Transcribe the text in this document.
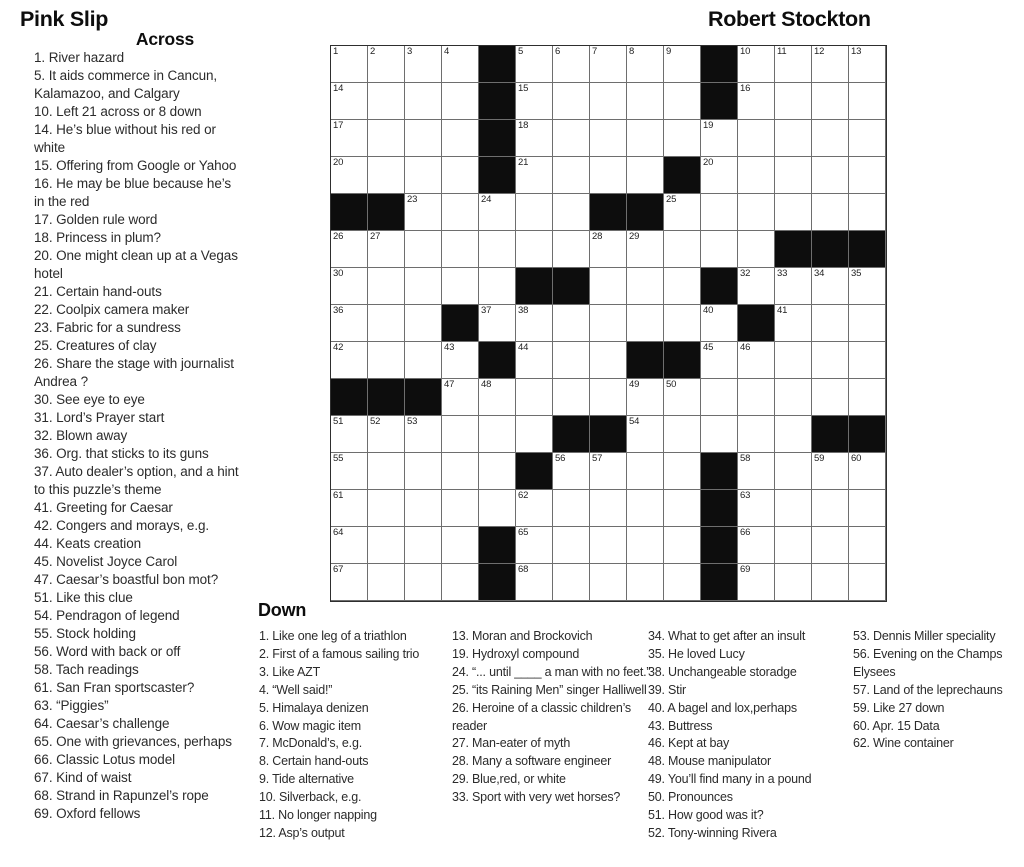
Pink Slip	Robert Stockton
Across
1. River hazard
5. It aids commerce in Cancun, Kalamazoo, and Calgary
10. Left 21 across or 8 down
14. He’s blue without his red or white
15. Offering from Google or Yahoo
16. He may be blue because he’s in the red
17. Golden rule word
18. Princess in plum?
20. One might clean up at a Vegas hotel
21. Certain hand-outs
22. Coolpix camera maker
23. Fabric for a sundress
25. Creatures of clay
26. Share the stage with journalist Andrea ?
30. See eye to eye
31. Lord’s Prayer start
32. Blown away
36. Org. that sticks to its guns
37. Auto dealer’s option, and a hint to this puzzle’s theme
41. Greeting for Caesar
42. Congers and morays, e.g.
44. Keats creation
45. Novelist Joyce Carol
47. Caesar’s boastful bon mot?
51. Like this clue
54. Pendragon of legend
55. Stock holding
56. Word with back or off
58. Tach readings
61. San Fran sportscaster?
63. “Piggies”
64. Caesar’s challenge
65. One with grievances, perhaps
66. Classic Lotus model
67. Kind of waist
68. Strand in Rapunzel’s rope
69. Oxford fellows
1	2	3	4	5	6	7	8	9	10	11	12	13
14	15	16
17	18	19
20	21	20
23	24	25
26	27	28	29
30	32	33	34	35
36	37	38	40	41
42	43	44	45	46
47	48	49	50
51	52	53	54
55	56	57	58	59	60
61	62	63
64	65	66
67	68	69
Down
1. Like one leg of a triathlon
2. First of a famous sailing trio
3. Like AZT
4. “Well said!”
5. Himalaya denizen
6. Wow magic item
7. McDonald’s, e.g.
8. Certain hand-outs
9. Tide alternative
10. Silverback, e.g.
11. No longer napping
12. Asp’s output
13. Moran and Brockovich
19. Hydroxyl compound
24. “... until ____ a man with no feet.”
25. “its Raining Men” singer Halliwell
26. Heroine of a classic children’s reader
27. Man-eater of myth
28. Many a software engineer
29. Blue,red, or white
33. Sport with very wet horses?
34. What to get after an insult
35. He loved Lucy
38. Unchangeable storadge
39. Stir
40. A bagel and lox,perhaps
43. Buttress
46. Kept at bay
48. Mouse manipulator
49. You’ll find many in a pound
50. Pronounces
51. How good was it?
52. Tony-winning Rivera
53. Dennis Miller speciality
56. Evening on the Champs Elysees
57. Land of the leprechauns
59. Like 27 down
60. Apr. 15 Data
62. Wine container
